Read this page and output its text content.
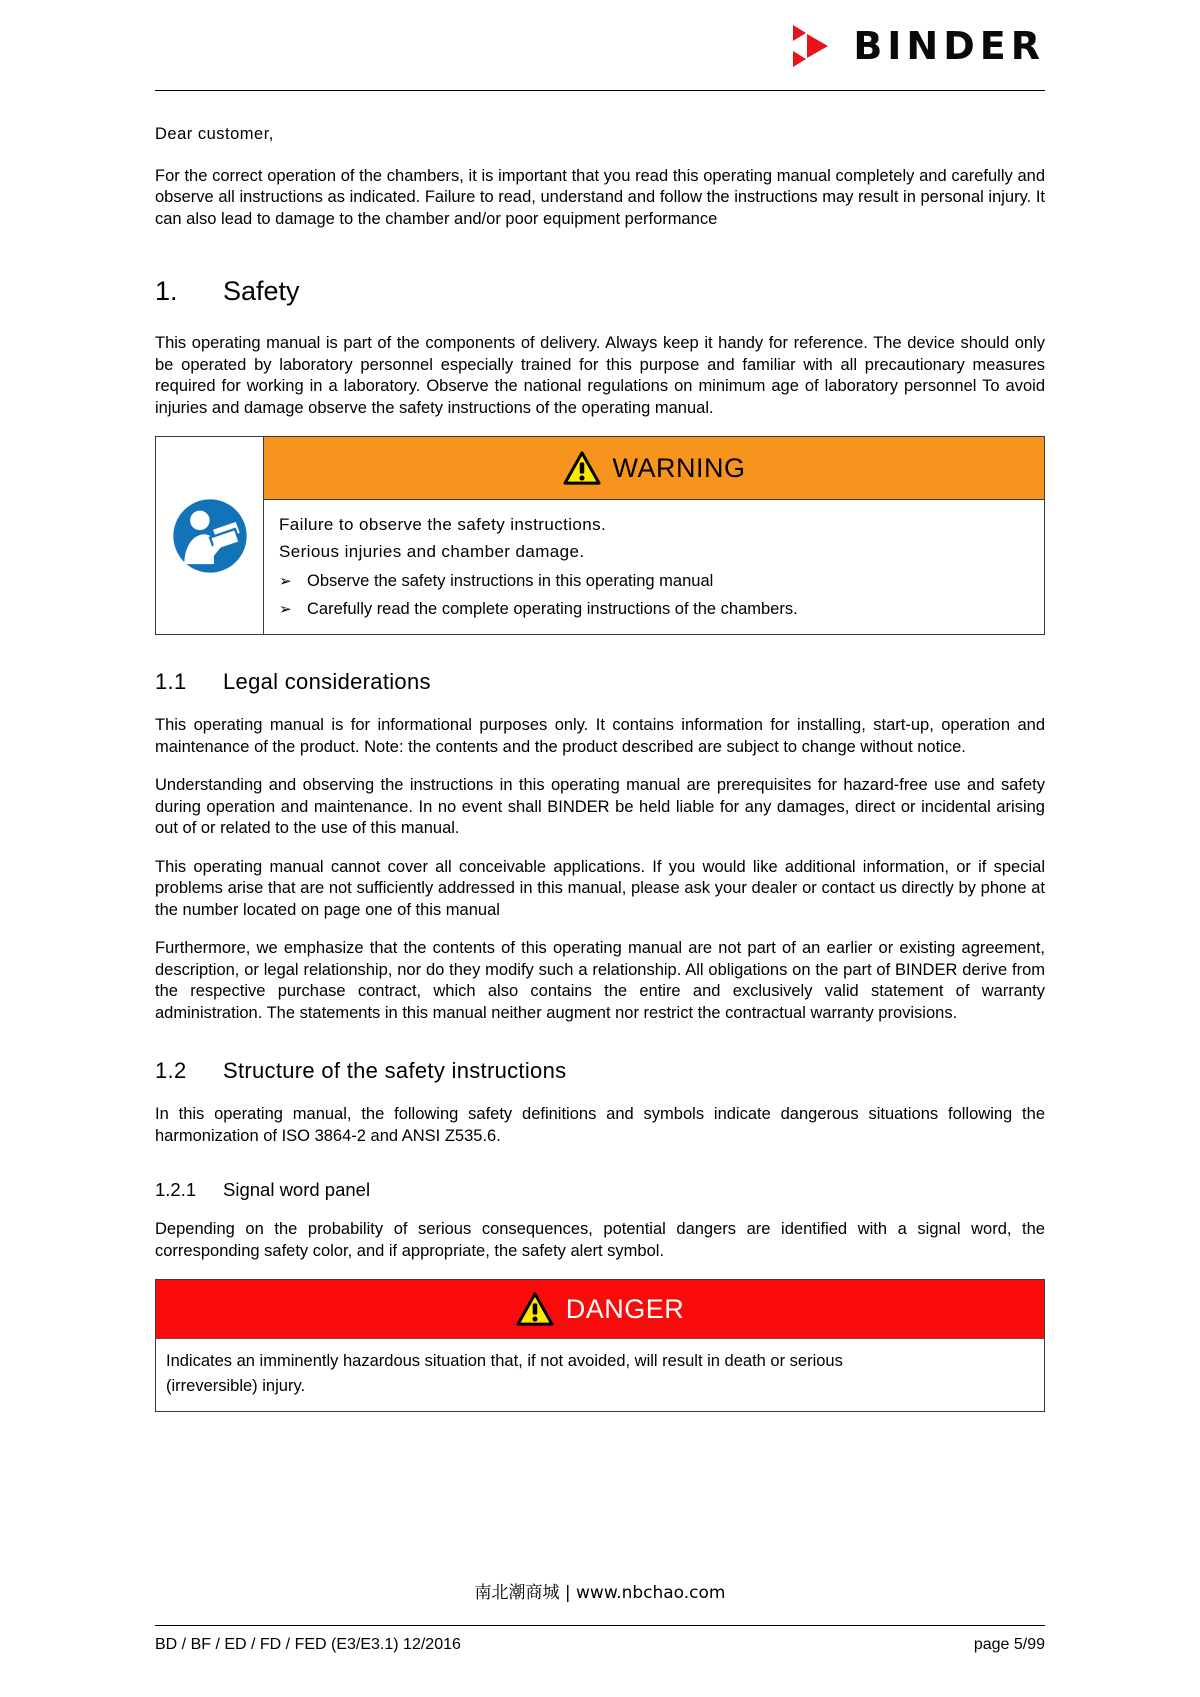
BINDER

Dear customer,

For the correct operation of the chambers, it is important that you read this operating manual completely and carefully and observe all instructions as indicated. Failure to read, understand and follow the instructions may result in personal injury. It can also lead to damage to the chamber and/or poor equipment performance

1.	Safety

This operating manual is part of the components of delivery. Always keep it handy for reference. The device should only be operated by laboratory personnel especially trained for this purpose and familiar with all precautionary measures required for working in a laboratory. Observe the national regulations on minimum age of laboratory personnel To avoid injuries and damage observe the safety instructions of the operating manual.

WARNING
Failure to observe the safety instructions.
Serious injuries and chamber damage.
➢ Observe the safety instructions in this operating manual
➢ Carefully read the complete operating instructions of the chambers.
1.1	Legal considerations

This operating manual is for informational purposes only. It contains information for installing, start-up, operation and maintenance of the product. Note: the contents and the product described are subject to change without notice.

Understanding and observing the instructions in this operating manual are prerequisites for hazard-free use and safety during operation and maintenance. In no event shall BINDER be held liable for any damages, direct or incidental arising out of or related to the use of this manual.

This operating manual cannot cover all conceivable applications. If you would like additional information, or if special problems arise that are not sufficiently addressed in this manual, please ask your dealer or contact us directly by phone at the number located on page one of this manual

Furthermore, we emphasize that the contents of this operating manual are not part of an earlier or existing agreement, description, or legal relationship, nor do they modify such a relationship. All obligations on the part of BINDER derive from the respective purchase contract, which also contains the entire and exclusively valid statement of warranty administration. The statements in this manual neither augment nor restrict the contractual warranty provisions.

1.2	Structure of the safety instructions

In this operating manual, the following safety definitions and symbols indicate dangerous situations following the harmonization of ISO 3864-2 and ANSI Z535.6.

1.2.1	Signal word panel

Depending on the probability of serious consequences, potential dangers are identified with a signal word, the corresponding safety color, and if appropriate, the safety alert symbol.

DANGER
Indicates an imminently hazardous situation that, if not avoided, will result in death or serious
(irreversible) injury.
南北潮商城 | www.nbchao.com
BD / BF / ED / FD / FED (E3/E3.1) 12/2016	page 5/99
